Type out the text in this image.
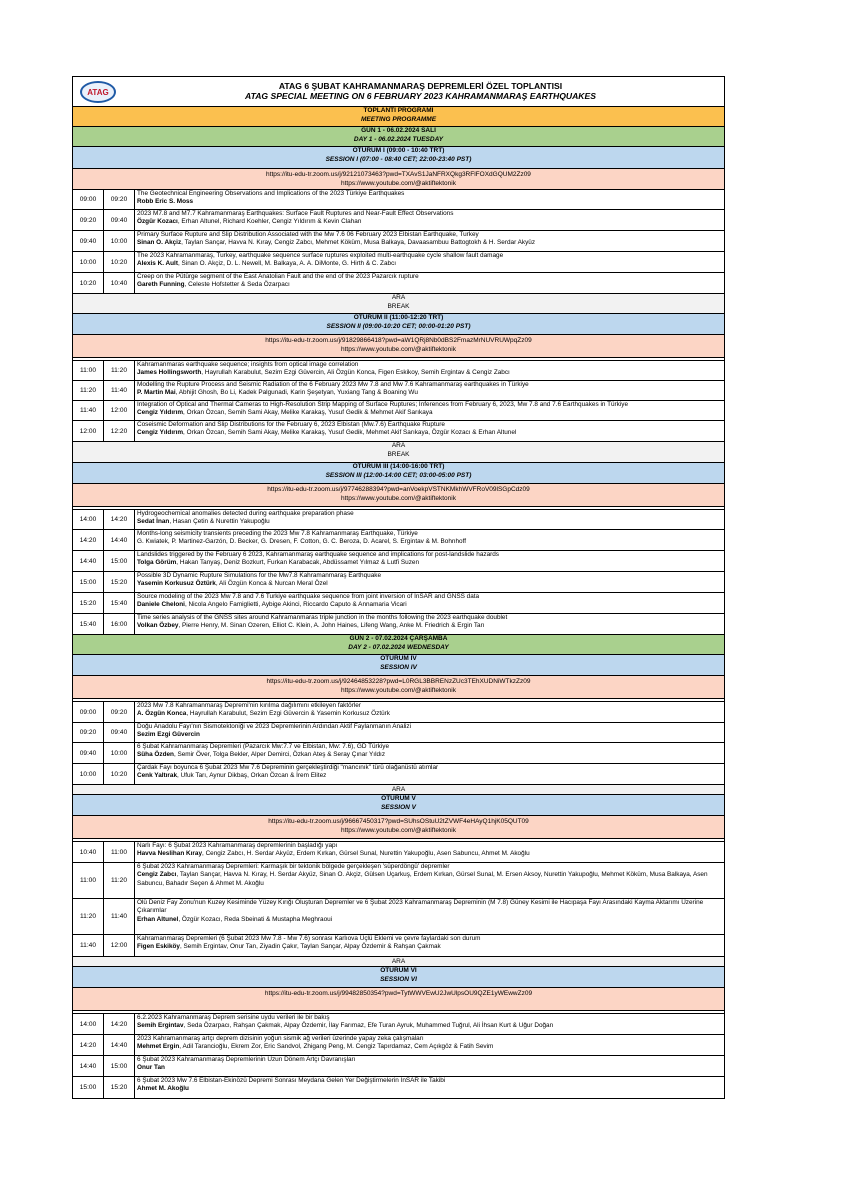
ATAG
ATAG 6 ŞUBAT KAHRAMANMARAŞ DEPREMLERİ ÖZEL TOPLANTISI
ATAG SPECIAL MEETING ON 6 FEBRUARY 2023 KAHRAMANMARAŞ EARTHQUAKES
TOPLANTI PROGRAMI
MEETING PROGRAMME
GÜN 1 - 06.02.2024 SALI
DAY 1 - 06.02.2024 TUESDAY
OTURUM I (09:00 - 10:40 TRT)
SESSION I (07:00 - 08:40 CET; 22:00-23:40 PST)
https://itu-edu-tr.zoom.us/j/92121073463?pwd=TXAvS1JaNFRXQkg3RFlFOXdGQUM2Zz09
https://www.youtube.com/@aktiftektonik
09:00	09:20
The Geotechnical Engineering Observations and Implications of the 2023 Türkiye Earthquakes
Robb Eric S. Moss
09:20	09:40
2023 M7.8 and M7.7 Kahramanmaraş Earthquakes: Surface Fault Ruptures and Near-Fault Effect Observations
Özgür Kozacı, Erhan Altunel, Richard Koehler, Cengiz Yıldırım & Kevin Clahan
09:40	10:00
Primary Surface Rupture and Slip Distribution Associated with the Mw 7.6 06 February 2023 Elbistan Earthquake, Turkey
Sinan O. Akçiz, Taylan Sançar, Havva N. Kıray, Cengiz Zabcı, Mehmet Köküm, Musa Balkaya, Davaasambuu Battogtokh & H. Serdar Akyüz
10:00	10:20
The 2023 Kahramanmaraş, Turkey, earthquake sequence surface ruptures exploited multi-earthquake cycle shallow fault damage
Alexis K. Ault, Sinan O. Akçiz, D. L. Newell, M. Balkaya, A. A. DiMonte, G. Hirth & C. Zabcı
10:20	10:40
Creep on the Pütürge segment of the East Anatolian Fault and the end of the 2023 Pazarcık rupture
Gareth Funning, Celeste Hofstetter & Seda Özarpacı
ARA
BREAK
OTURUM II (11:00-12:20 TRT)
SESSION II (09:00-10:20 CET; 00:00-01:20 PST)
https://itu-edu-tr.zoom.us/j/91829866418?pwd=aW1QRj8Nb0dBS2FmazMrNUVRUWpqZz09
https://www.youtube.com/@aktiftektonik
11:00	11:20
Kahramanmaras earthquake sequence; insights from optical image correlation
James Hollingsworth, Hayrullah Karabulut, Sezim Ezgi Güvercin, Ali Özgün Konca, Figen Eskikoy, Semih Ergintav & Cengiz Zabcı
11:20	11:40
Modelling the Rupture Process and Seismic Radiation of the 6 February 2023 Mw 7.8 and Mw 7.6 Kahramanmaraş earthquakes in Türkiye
P. Martin Mai, Abhijit Ghosh, Bo Li, Kadek Palgunadi, Karin Şeşetyan, Yuxiang Tang & Boaning Wu
11:40	12:00
Integration of Optical and Thermal Cameras to High-Resolution Strip Mapping of Surface Ruptures; Inferences from February 6, 2023, Mw 7.8 and 7.6 Earthquakes in Türkiye
Cengiz Yıldırım, Orkan Özcan, Semih Sami Akay, Melike Karakaş, Yusuf Gedik & Mehmet Akif Sarıkaya
12:00	12:20
Coseismic Deformation and Slip Distributions for the February 6, 2023 Elbistan (Mw.7.6) Earthquake Rupture
Cengiz Yıldırım, Orkan Özcan, Semih Sami Akay, Melike Karakaş, Yusuf Gedik, Mehmet Akif Sarıkaya, Özgür Kozacı & Erhan Altunel
ARA
BREAK
OTURUM III (14:00-16:00 TRT)
SESSION III (12:00-14:00 CET; 03:00-05:00 PST)
https://itu-edu-tr.zoom.us/j/97746288394?pwd=anVoekpVSTNKMkhWVFRoV09lSGpCdz09
https://www.youtube.com/@aktiftektonik
14:00	14:20
Hydrogeochemical anomalies detected during earthquake preparation phase
Sedat İnan, Hasan Çetin & Nurettin Yakupoğlu
14:20	14:40
Months-long seismicity transients preceding the 2023 Mw 7.8 Kahramanmaraş Earthquake, Türkiye
G. Kwiatek, P. Martinez-Garzón, D. Becker, G. Dresen, F. Cotton, G. C. Beroza, D. Acarel, S. Ergintav & M. Bohnhoff
14:40	15:00
Landslides triggered by the February 6 2023, Kahramanmaraş earthquake sequence and implications for post-landslide hazards
Tolga Görüm, Hakan Tanyaş, Deniz Bozkurt, Furkan Karabacak, Abdüssamet Yılmaz & Lutfi Suzen
15:00	15:20
Possible 3D Dynamic Rupture Simulations for the Mw7.8 Kahramanmaraş Earthquake
Yasemin Korkusuz Öztürk, Ali Özgün Konca & Nurcan Meral Özel
15:20	15:40
Source modeling of the 2023 Mw 7.8 and 7.6 Turkiye earthquake sequence from joint inversion of InSAR and GNSS data
Daniele Cheloni, Nicola Angelo Famiglietti, Aybige Akinci, Riccardo Caputo & Annamaria Vicari
15:40	16:00
Time series analysis of the GNSS sites around Kahramanmaras triple junction in the months following the 2023 earthquake doublet
Volkan Özbey, Pierre Henry, M. Sinan Ozeren, Elliot C. Klein, A. John Haines, Lifeng Wang, Anke M. Friedrich & Ergin Tarı
GÜN 2 - 07.02.2024 ÇARŞAMBA
DAY 2 - 07.02.2024 WEDNESDAY
OTURUM IV
SESSION IV
https://itu-edu-tr.zoom.us/j/92464853228?pwd=L0RGL3BBRENzZUc3TEhXUDNiWTkzZz09
https://www.youtube.com/@aktiftektonik
09:00	09:20
2023 Mw 7.8 Kahramanmaraş Depremi'nin kırılma dağılımını etkileyen faktörler
A. Özgün Konca, Hayrullah Karabulut, Sezim Ezgi Güvercin & Yasemin Korkusuz Öztürk
09:20	09:40
Doğu Anadolu Fayı'nın Sismotektoniği ve 2023 Depremlerinin Ardından Aktif Faylanmanın Analizi
Sezim Ezgi Güvercin
09:40	10:00
6 Şubat Kahramanmaraş Depremleri (Pazarcık Mw:7.7 ve Elbistan, Mw: 7.6), GD Türkiye
Süha Özden, Semir Över, Tolga Bekler, Alper Demirci, Özkan Ateş & Seray Çınar Yıldız
10:00	10:20
Çardak Fayı boyunca 6 Şubat 2023 Mw 7.6 Depreminin gerçekleştirdiği "mancınık" türü olağanüstü atımlar
Cenk Yaltırak, Ufuk Tarı, Aynur Dikbaş, Orkan Özcan & İrem Elitez
ARA
OTURUM V
SESSION V
https://itu-edu-tr.zoom.us/j/96667450317?pwd=SUhsOStuU2tZVWF4eHAyQ1hjK05QUT09
https://www.youtube.com/@aktiftektonik
10:40	11:00
Narlı Fayı: 6 Şubat 2023 Kahramanmaraş depremlerinin başladığı yapı
Havva Neslihan Kıray, Cengiz Zabcı, H. Serdar Akyüz, Erdem Kırkan, Gürsel Sunal, Nurettin Yakupoğlu, Asen Sabuncu, Ahmet M. Akoğlu
11:00	11:20
6 Şubat 2023 Kahramanmaraş Depremleri: Karmaşık bir tektonik bölgede gerçekleşen 'süperdöngü' depremler
Cengiz Zabcı, Taylan Sançar, Havva N. Kıray, H. Serdar Akyüz, Sinan O. Akçiz, Gülsen Uçarkuş, Erdem Kırkan, Gürsel Sunal, M. Ersen Aksoy, Nurettin Yakupoğlu, Mehmet Köküm, Musa Balkaya, Asen Sabuncu, Bahadır Seçen & Ahmet M. Akoğlu
11:20	11:40
Ölü Deniz Fay Zonu'nun Kuzey Kesiminde Yüzey Kırığı Oluşturan Depremler ve 6 Şubat 2023 Kahramanmaraş Depreminin (M 7.8) Güney Kesimi ile Hacıpaşa Fayı Arasındaki Kayma Aktarımı Üzerine Çıkarımlar
Erhan Altunel, Özgür Kozacı, Reda Sbeinati & Mustapha Meghraoui
11:40	12:00
Kahramanmaraş Depremleri (6 Şubat 2023 Mw 7.8 - Mw 7.6) sonrası Karlıova Üçlü Eklemi ve çevre faylardaki son durum
Figen Eskiköy, Semih Ergintav, Onur Tan, Ziyadin Çakır, Taylan Sançar, Alpay Özdemir & Rahşan Çakmak
ARA
OTURUM VI
SESSION VI
https://itu-edu-tr.zoom.us/j/99482850354?pwd=TytWWVEwU2JwUlpsOU9QZE1yWEwwZz09
14:00	14:20
6.2.2023 Kahramanmaraş Deprem serisine uydu verileri ile bir bakış
Semih Ergintav, Seda Özarpacı, Rahşan Çakmak, Alpay Özdemir, İlay Farımaz, Efe Turan Ayruk, Muhammed Tuğrul, Ali İhsan Kurt & Uğur Doğan
14:20	14:40
2023 Kahramanmaraş artçı deprem dizisinin yoğun sismik ağ verileri üzerinde yapay zeka çalışmaları
Mehmet Ergin, Adil Tarancioğlu, Ekrem Zor, Eric Sandvol, Zhigang Peng, M. Cengiz Tapırdamaz, Cem Açıkgöz & Fatih Sevim
14:40	15:00
6 Şubat 2023 Kahramanmaraş Depremlerinin Uzun Dönem Artçı Davranışları
Onur Tan
15:00	15:20
6 Şubat 2023 Mw 7.6 Elbistan-Ekinözü Depremi Sonrası Meydana Gelen Yer Değiştirmelerin InSAR ile Takibi
Ahmet M. Akoğlu
